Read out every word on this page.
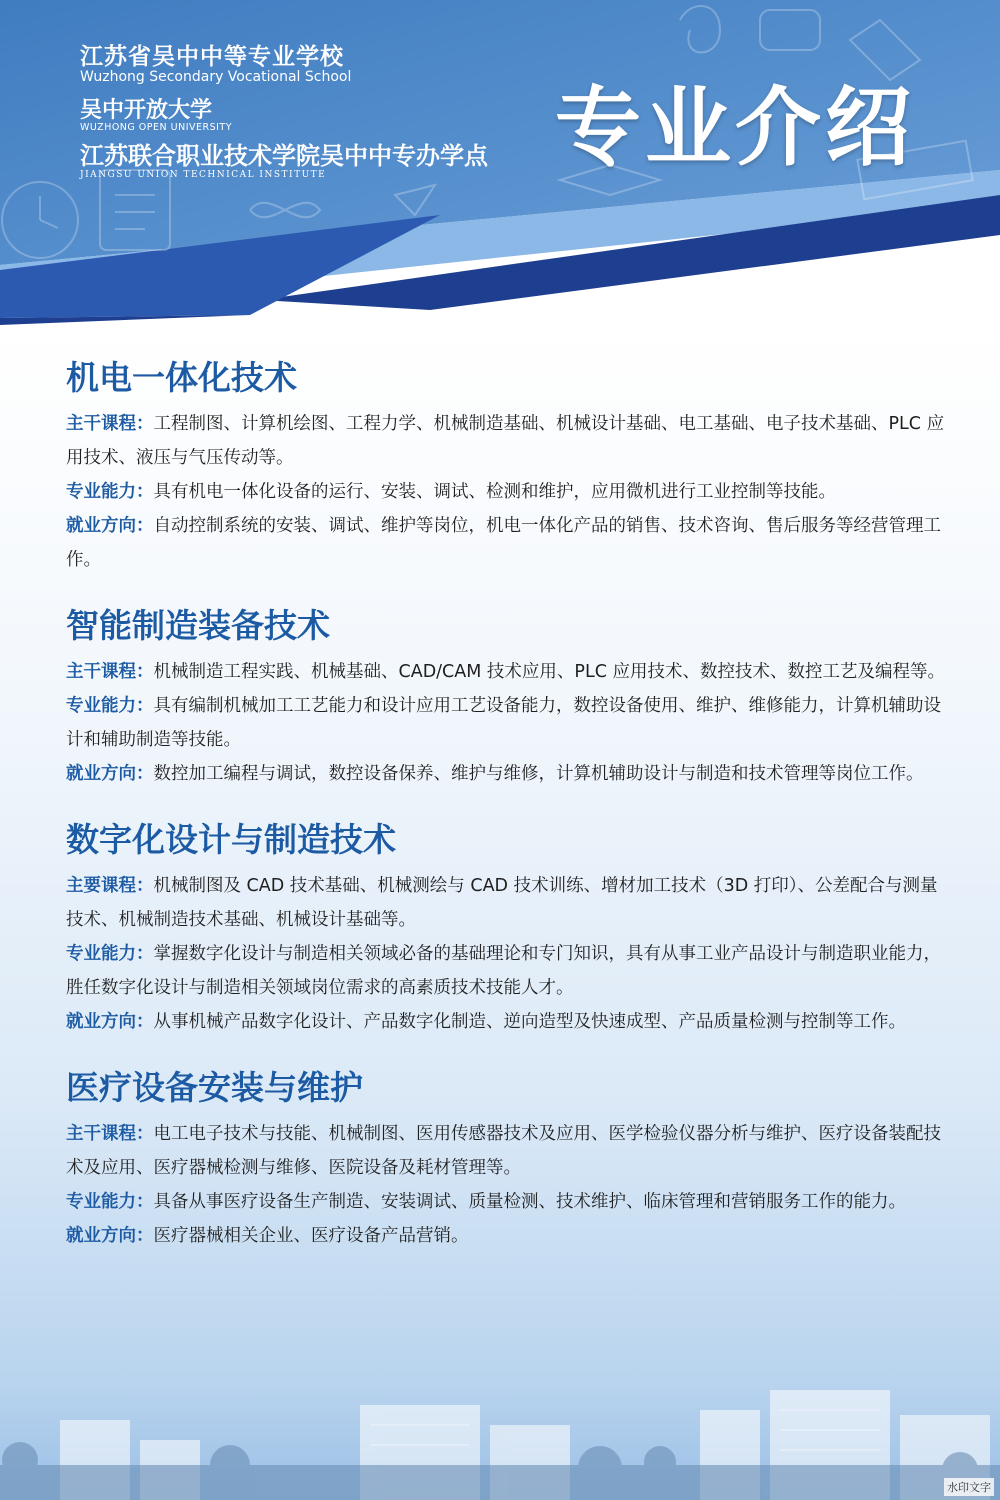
江苏省吴中中等专业学校
Wuzhong Secondary Vocational School
吴中开放大学
WUZHONG OPEN UNIVERSITY
江苏联合职业技术学院吴中中专办学点
JIANGSU UNION TECHNICAL INSTITUTE	专业介绍
机电一体化技术

主干课程：工程制图、计算机绘图、工程力学、机械制造基础、机械设计基础、电工基础、电子技术基础、PLC 应用技术、液压与气压传动等。

专业能力：具有机电一体化设备的运行、安装、调试、检测和维护，应用微机进行工业控制等技能。

就业方向：自动控制系统的安装、调试、维护等岗位，机电一体化产品的销售、技术咨询、售后服务等经营管理工作。

智能制造装备技术

主干课程：机械制造工程实践、机械基础、CAD/CAM 技术应用、PLC 应用技术、数控技术、数控工艺及编程等。

专业能力：具有编制机械加工工艺能力和设计应用工艺设备能力，数控设备使用、维护、维修能力，计算机辅助设计和辅助制造等技能。

就业方向：数控加工编程与调试，数控设备保养、维护与维修，计算机辅助设计与制造和技术管理等岗位工作。

数字化设计与制造技术

主要课程：机械制图及 CAD 技术基础、机械测绘与 CAD 技术训练、增材加工技术（3D 打印）、公差配合与测量技术、机械制造技术基础、机械设计基础等。

专业能力：掌握数字化设计与制造相关领域必备的基础理论和专门知识，具有从事工业产品设计与制造职业能力，胜任数字化设计与制造相关领域岗位需求的高素质技术技能人才。

就业方向：从事机械产品数字化设计、产品数字化制造、逆向造型及快速成型、产品质量检测与控制等工作。

医疗设备安装与维护

主干课程：电工电子技术与技能、机械制图、医用传感器技术及应用、医学检验仪器分析与维护、医疗设备装配技术及应用、医疗器械检测与维修、医院设备及耗材管理等。

专业能力：具备从事医疗设备生产制造、安装调试、质量检测、技术维护、临床管理和营销服务工作的能力。

就业方向：医疗器械相关企业、医疗设备产品营销。

水印文字
